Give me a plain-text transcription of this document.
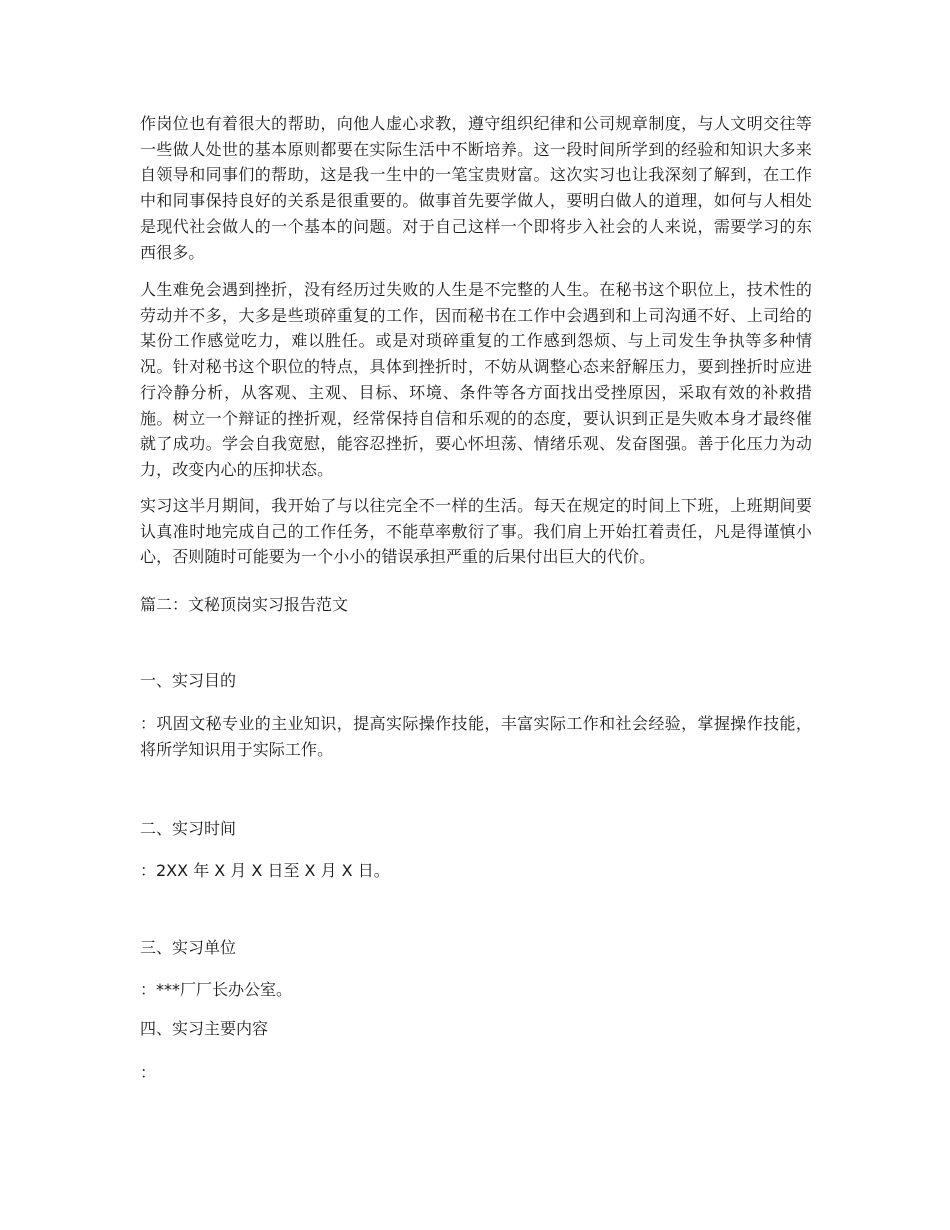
作岗位也有着很大的帮助，向他人虚心求教，遵守组织纪律和公司规章制度，与人文明交往等一些做人处世的基本原则都要在实际生活中不断培养。这一段时间所学到的经验和知识大多来自领导和同事们的帮助，这是我一生中的一笔宝贵财富。这次实习也让我深刻了解到，在工作中和同事保持良好的关系是很重要的。做事首先要学做人，要明白做人的道理，如何与人相处是现代社会做人的一个基本的问题。对于自己这样一个即将步入社会的人来说，需要学习的东西很多。

人生难免会遇到挫折，没有经历过失败的人生是不完整的人生。在秘书这个职位上，技术性的劳动并不多，大多是些琐碎重复的工作，因而秘书在工作中会遇到和上司沟通不好、上司给的某份工作感觉吃力，难以胜任。或是对琐碎重复的工作感到怨烦、与上司发生争执等多种情况。针对秘书这个职位的特点，具体到挫折时，不妨从调整心态来舒解压力，要到挫折时应进行冷静分析，从客观、主观、目标、环境、条件等各方面找出受挫原因，采取有效的补救措施。树立一个辩证的挫折观，经常保持自信和乐观的的态度，要认识到正是失败本身才最终催就了成功。学会自我宽慰，能容忍挫折，要心怀坦荡、情绪乐观、发奋图强。善于化压力为动力，改变内心的压抑状态。

实习这半月期间，我开始了与以往完全不一样的生活。每天在规定的时间上下班，上班期间要认真准时地完成自己的工作任务，不能草率敷衍了事。我们肩上开始扛着责任，凡是得谨慎小心，否则随时可能要为一个小小的错误承担严重的后果付出巨大的代价。

篇二：文秘顶岗实习报告范文

一、实习目的

：巩固文秘专业的主业知识，提高实际操作技能，丰富实际工作和社会经验，掌握操作技能，将所学知识用于实际工作。

二、实习时间

：2XX 年 X 月 X 日至 X 月 X 日。

三、实习单位

：***厂厂长办公室。

四、实习主要内容

：
